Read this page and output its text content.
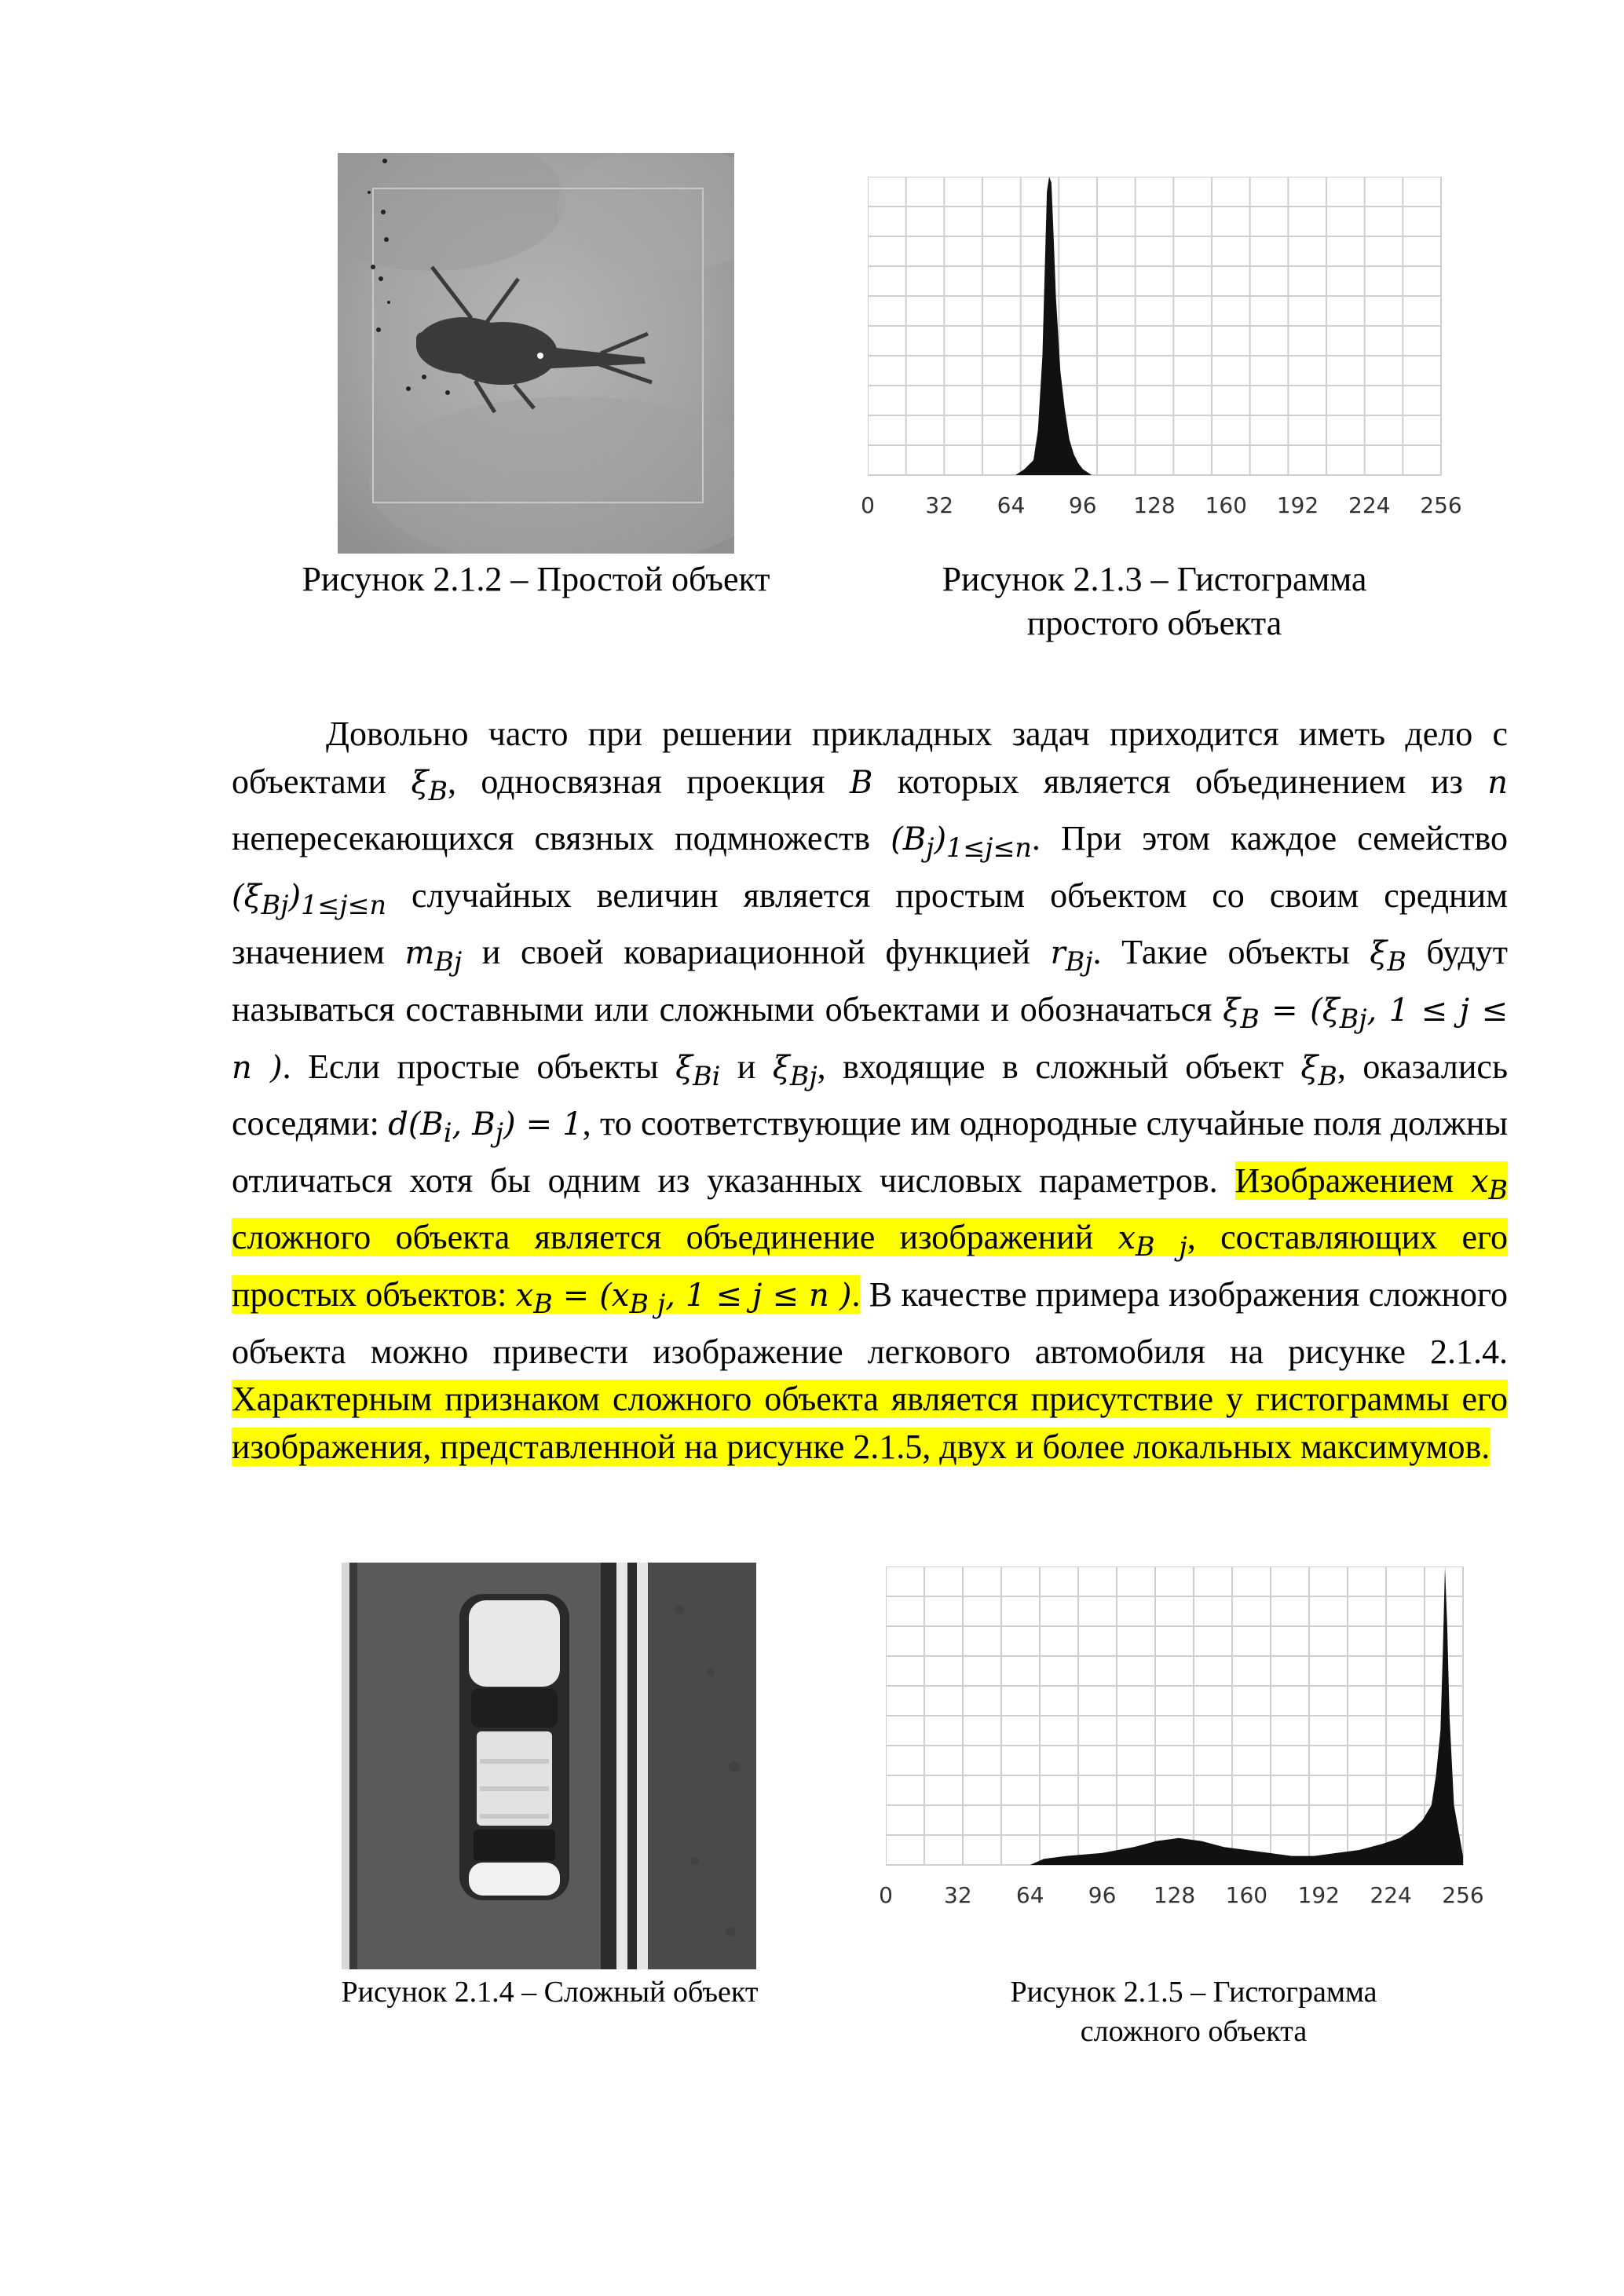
Рисунок 2.1.2 – Простой объект
0 32 64 96 128 160 192 224 256
Рисунок 2.1.3 – Гистограмма
простого объекта

Довольно часто при решении прикладных задач приходится иметь дело с объектами $\xi_B$, односвязная проекция B которых является объединением из n непересекающихся связных подмножеств $(B_j)_{1\le j\le n}$. При этом каждое семейство $(\xi_{Bj})_{1\le j\le n}$ случайных величин является простым объектом со своим средним значением $m_{Bj}$ и своей ковариационной функцией $r_{Bj}$. Такие объекты $\xi_B$ будут называться составными или сложными объектами и обозначаться $\xi_B = (\xi_{Bj}$, 1 ≤ j ≤ n ). Если простые объекты $\xi_{Bi}$ и $\xi_{Bj}$, входящие в сложный объект $\xi_B$, оказались соседями: $d(B_i$, $B_j) = 1$, то соответствующие им однородные случайные поля должны отличаться хотя бы одним из указанных числовых параметров. Изображением $x_B$ сложного объекта является объединение изображений $x_{B j}$, составляющих его простых объектов: $x_B = (x_{B j}$, 1 ≤ j ≤ n ). В качестве примера изображения сложного объекта можно привести изображение легкового автомобиля на рисунке 2.1.4. Характерным признаком сложного объекта является присутствие у гистограммы его изображения, представленной на рисунке 2.1.5, двух и более локальных максимумов.

Рисунок 2.1.4 – Сложный объект
0 32 64 96 128 160 192 224 256
Рисунок 2.1.5 – Гистограмма
сложного объекта
